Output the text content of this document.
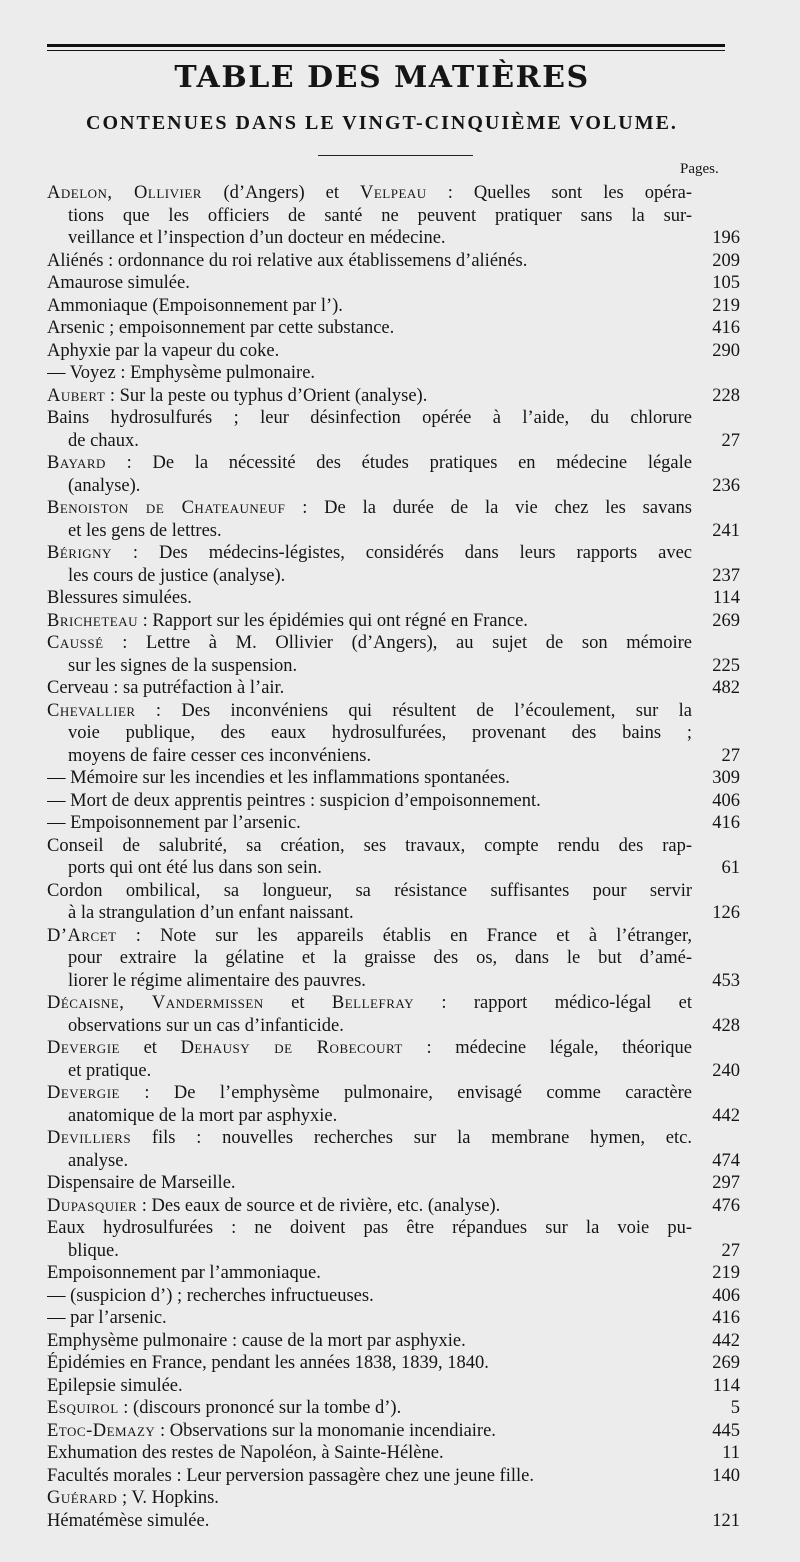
TABLE DES MATIÈRES
CONTENUES DANS LE VINGT-CINQUIÈME VOLUME.
Pages.
Adelon, Ollivier (d’Angers) et Velpeau : Quelles sont les opéra-
tions que les officiers de santé ne peuvent pratiquer sans la sur-
veillance et l’inspection d’un docteur en médecine.	196
Aliénés : ordonnance du roi relative aux établissemens d’aliénés.	209
Amaurose simulée.	105
Ammoniaque (Empoisonnement par l’).	219
Arsenic ; empoisonnement par cette substance.	416
Aphyxie par la vapeur du coke.	290
— Voyez : Emphysème pulmonaire.
Aubert : Sur la peste ou typhus d’Orient (analyse).	228
Bains hydrosulfurés ; leur désinfection opérée à l’aide, du chlorure
de chaux.	27
Bayard : De la nécessité des études pratiques en médecine légale
(analyse).	236
Benoiston de Chateauneuf : De la durée de la vie chez les savans
et les gens de lettres.	241
Bérigny : Des médecins-légistes, considérés dans leurs rapports avec
les cours de justice (analyse).	237
Blessures simulées.	114
Bricheteau : Rapport sur les épidémies qui ont régné en France.	269
Caussé : Lettre à M. Ollivier (d’Angers), au sujet de son mémoire
sur les signes de la suspension.	225
Cerveau : sa putréfaction à l’air.	482
Chevallier : Des inconvéniens qui résultent de l’écoulement, sur la
voie publique, des eaux hydrosulfurées, provenant des bains ;
moyens de faire cesser ces inconvéniens.	27
— Mémoire sur les incendies et les inflammations spontanées.	309
— Mort de deux apprentis peintres : suspicion d’empoisonnement.	406
— Empoisonnement par l’arsenic.	416
Conseil de salubrité, sa création, ses travaux, compte rendu des rap-
ports qui ont été lus dans son sein.	61
Cordon ombilical, sa longueur, sa résistance suffisantes pour servir
à la strangulation d’un enfant naissant.	126
D’Arcet : Note sur les appareils établis en France et à l’étranger,
pour extraire la gélatine et la graisse des os, dans le but d’amé-
liorer le régime alimentaire des pauvres.	453
Décaisne, Vandermissen et Bellefray : rapport médico-légal et
observations sur un cas d’infanticide.	428
Devergie et Dehausy de Robecourt : médecine légale, théorique
et pratique.	240
Devergie : De l’emphysème pulmonaire, envisagé comme caractère
anatomique de la mort par asphyxie.	442
Devilliers fils : nouvelles recherches sur la membrane hymen, etc.
analyse.	474
Dispensaire de Marseille.	297
Dupasquier : Des eaux de source et de rivière, etc. (analyse).	476
Eaux hydrosulfurées : ne doivent pas être répandues sur la voie pu-
blique.	27
Empoisonnement par l’ammoniaque.	219
— (suspicion d’) ; recherches infructueuses.	406
— par l’arsenic.	416
Emphysème pulmonaire : cause de la mort par asphyxie.	442
Épidémies en France, pendant les années 1838, 1839, 1840.	269
Epilepsie simulée.	114
Esquirol : (discours prononcé sur la tombe d’).	5
Etoc-Demazy : Observations sur la monomanie incendiaire.	445
Exhumation des restes de Napoléon, à Sainte-Hélène.	11
Facultés morales : Leur perversion passagère chez une jeune fille.	140
Guérard ; V. Hopkins.
Hématémèse simulée.	121
